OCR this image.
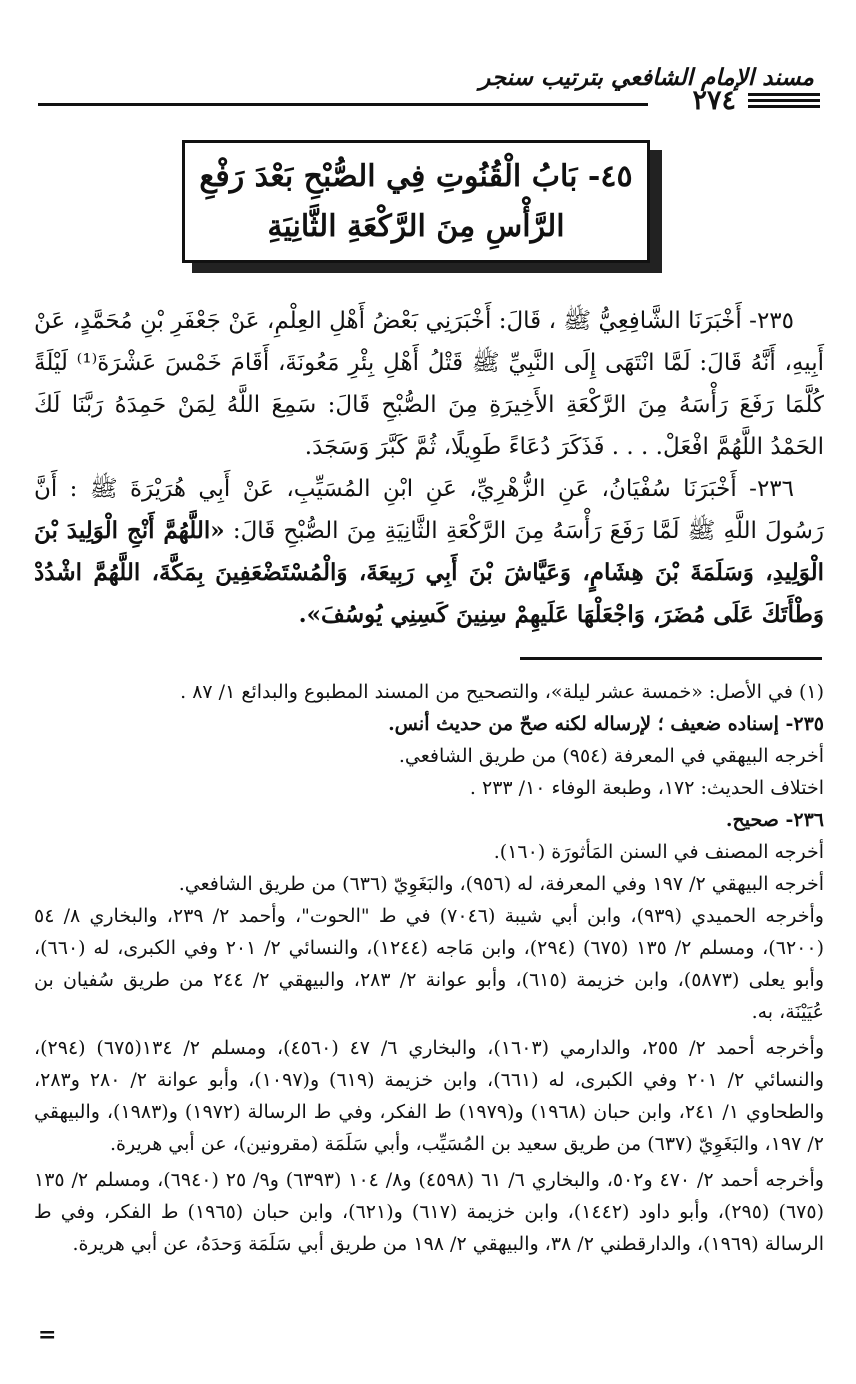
مسند الإمام الشافعي بترتيب سنجر
٢٧٤
٤٥- بَابُ الْقُنُوتِ فِي الصُّبْحِ بَعْدَ رَفْعِ
الرَّأْسِ مِنَ الرَّكْعَةِ الثَّانِيَةِ

٢٣٥- أَخْبَرَنَا الشَّافِعِيُّ ﷺ ، قَالَ: أَخْبَرَنِي بَعْضُ أَهْلِ العِلْمِ، عَنْ جَعْفَرِ بْنِ مُحَمَّدٍ، عَنْ أَبِيهِ، أَنَّهُ قَالَ: لَمَّا انْتَهَى إِلَى النَّبِيِّ ﷺ قَتْلُ أَهْلِ بِئْرِ مَعُونَةَ، أَقَامَ خَمْسَ عَشْرَةَ⁽¹⁾ لَيْلَةً كُلَّمَا رَفَعَ رَأْسَهُ مِنَ الرَّكْعَةِ الأَخِيرَةِ مِنَ الصُّبْحِ قَالَ: سَمِعَ اللَّهُ لِمَنْ حَمِدَهُ رَبَّنَا لَكَ الحَمْدُ اللَّهُمَّ افْعَلْ. . . . فَذَكَرَ دُعَاءً طَوِيلًا، ثُمَّ كَبَّرَ وَسَجَدَ.

٢٣٦- أَخْبَرَنَا سُفْيَانُ، عَنِ الزُّهْرِيِّ، عَنِ ابْنِ المُسَيِّبِ، عَنْ أَبِي هُرَيْرَةَ ﷺ : أَنَّ رَسُولَ اللَّهِ ﷺ لَمَّا رَفَعَ رَأْسَهُ مِنَ الرَّكْعَةِ الثَّانِيَةِ مِنَ الصُّبْحِ قَالَ: «اللَّهُمَّ أَنْجِ الْوَلِيدَ بْنَ الْوَلِيدِ، وَسَلَمَةَ بْنَ هِشَامٍ، وَعَيَّاشَ بْنَ أَبِي رَبِيعَةَ، وَالْمُسْتَضْعَفِينَ بِمَكَّةَ، اللَّهُمَّ اشْدُدْ وَطْأَتَكَ عَلَى مُضَرَ، وَاجْعَلْهَا عَلَيهِمْ سِنِينَ كَسِنِي يُوسُفَ».

(١) في الأصل: «خمسة عشر ليلة»، والتصحيح من المسند المطبوع والبدائع ١/ ٨٧ .

٢٣٥- إسناده ضعيف ؛ لإرساله لكنه صحّ من حديث أنس.

أخرجه البيهقي في المعرفة (٩٥٤) من طريق الشافعي.

اختلاف الحديث: ١٧٢، وطبعة الوفاء ١٠/ ٢٣٣ .

٢٣٦- صحيح.

أخرجه المصنف في السنن المَأثورَة (١٦٠).

أخرجه البيهقي ٢/ ١٩٧ وفي المعرفة، له (٩٥٦)، والبَغَوِيّ (٦٣٦) من طريق الشافعي.

وأخرجه الحميدي (٩٣٩)، وابن أبي شيبة (٧٠٤٦) في ط "الحوت"، وأحمد ٢/ ٢٣٩، والبخاري ٨/ ٥٤ (٦٢٠٠)، ومسلم ٢/ ١٣٥ (٦٧٥) (٢٩٤)، وابن مَاجه (١٢٤٤)، والنسائي ٢/ ٢٠١ وفي الكبرى، له (٦٦٠)، وأبو يعلى (٥٨٧٣)، وابن خزيمة (٦١٥)، وأبو عوانة ٢/ ٢٨٣، والبيهقي ٢/ ٢٤٤ من طريق سُفيان بن عُيَيْنَة، به.

وأخرجه أحمد ٢/ ٢٥٥، والدارمي (١٦٠٣)، والبخاري ٦/ ٤٧ (٤٥٦٠)، ومسلم ٢/ ١٣٤(٦٧٥) (٢٩٤)، والنسائي ٢/ ٢٠١ وفي الكبرى، له (٦٦١)، وابن خزيمة (٦١٩) و(١٠٩٧)، وأبو عوانة ٢/ ٢٨٠ و٢٨٣، والطحاوي ١/ ٢٤١، وابن حبان (١٩٦٨) و(١٩٧٩) ط الفكر، وفي ط الرسالة (١٩٧٢) و(١٩٨٣)، والبيهقي ٢/ ١٩٧، والبَغَوِيّ (٦٣٧) من طريق سعيد بن المُسَيِّب، وأبي سَلَمَة (مقرونين)، عن أبي هريرة.

وأخرجه أحمد ٢/ ٤٧٠ و٥٠٢، والبخاري ٦/ ٦١ (٤٥٩٨) و٨/ ١٠٤ (٦٣٩٣) و٩/ ٢٥ (٦٩٤٠)، ومسلم ٢/ ١٣٥ (٦٧٥) (٢٩٥)، وأبو داود (١٤٤٢)، وابن خزيمة (٦١٧) و(٦٢١)، وابن حبان (١٩٦٥) ط الفكر، وفي ط الرسالة (١٩٦٩)، والدارقطني ٢/ ٣٨، والبيهقي ٢/ ١٩٨ من طريق أبي سَلَمَة وَحدَهُ، عن أبي هريرة.

=
